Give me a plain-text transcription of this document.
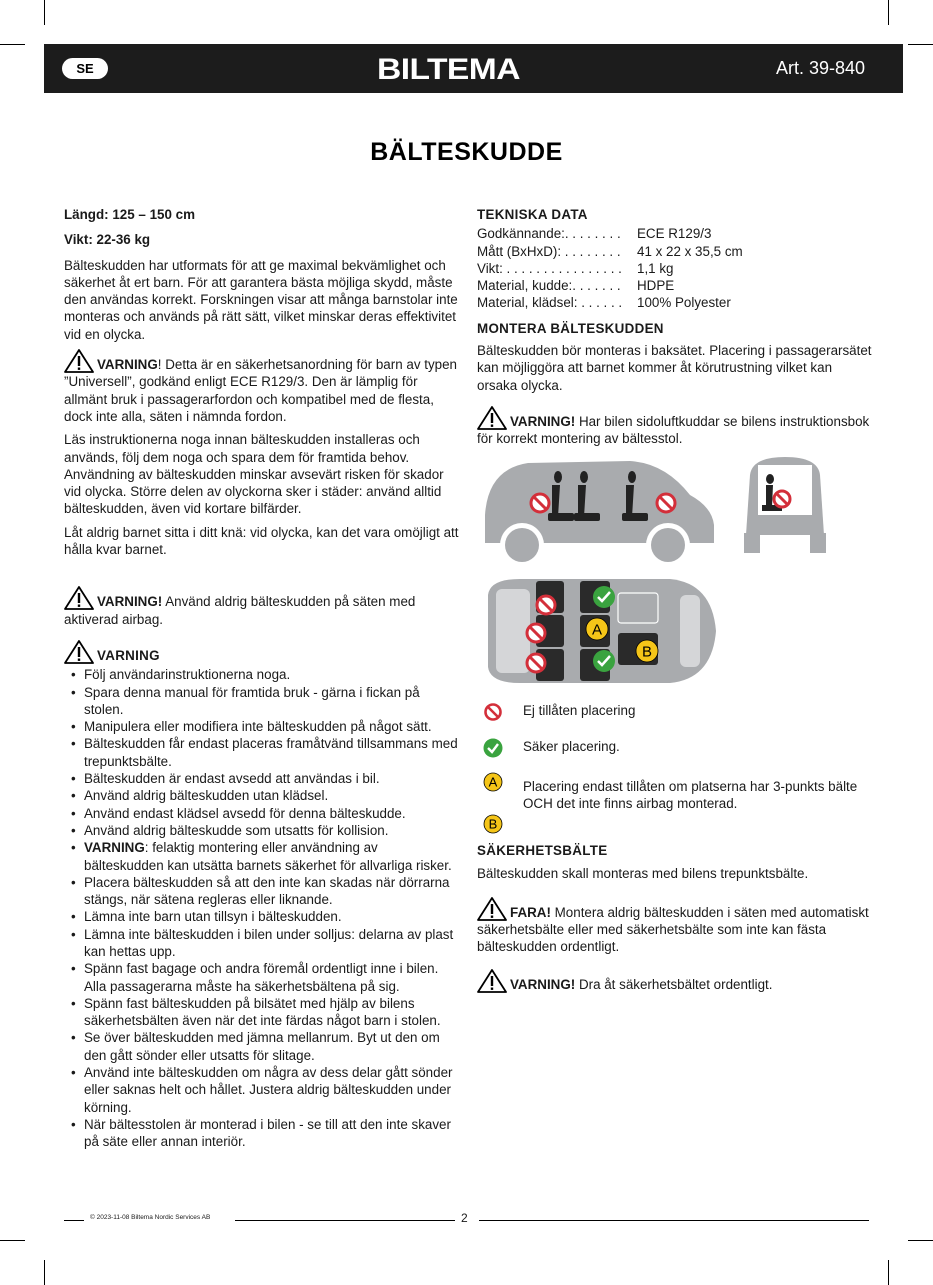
SE	BILTEMA	Art. 39-840
BÄLTESKUDDE

Längd: 125 – 150 cm

Vikt: 22-36 kg

Bälteskudden har utformats för att ge maximal bekvämlighet och säkerhet åt ert barn. För att garantera bästa möjliga skydd, måste den användas korrekt. Forskningen visar att många barnstolar inte monteras och används på rätt sätt, vilket minskar deras effektivitet vid en olycka.

VARNING! Detta är en säkerhetsanordning för barn av typen ”Universell”, godkänd enligt ECE R129/3. Den är lämplig för allmänt bruk i passagerarfordon och kompatibel med de flesta, dock inte alla, säten i nämnda fordon.

Läs instruktionerna noga innan bälteskudden installeras och används, följ dem noga och spara dem för framtida behov. Användning av bälteskudden minskar avsevärt risken för skador vid olycka. Större delen av olyckorna sker i städer: använd alltid bälteskudden, även vid kortare bilfärder.

Låt aldrig barnet sitta i ditt knä: vid olycka, kan det vara omöjligt att hålla kvar barnet.

VARNING! Använd aldrig bälteskudden på säten med aktiverad airbag.

VARNING

• Följ användarinstruktionerna noga.
• Spara denna manual för framtida bruk - gärna i fickan på stolen.
• Manipulera eller modifiera inte bälteskudden på något sätt.
• Bälteskudden får endast placeras framåtvänd tillsammans med trepunktsbälte.
• Bälteskudden är endast avsedd att användas i bil.
• Använd aldrig bälteskudden utan klädsel.
• Använd endast klädsel avsedd för denna bälteskudde.
• Använd aldrig bälteskudde som utsatts för kollision.
• VARNING: felaktig montering eller användning av bälteskudden kan utsätta barnets säkerhet för allvarliga risker.
• Placera bälteskudden så att den inte kan skadas när dörrarna stängs, när sätena regleras eller liknande.
• Lämna inte barn utan tillsyn i bälteskudden.
• Lämna inte bälteskudden i bilen under solljus: delarna av plast kan hettas upp.
• Spänn fast bagage och andra föremål ordentligt inne i bilen. Alla passagerarna måste ha säkerhetsbältena på sig.
• Spänn fast bälteskudden på bilsätet med hjälp av bilens säkerhetsbälten även när det inte färdas något barn i stolen.
• Se över bälteskudden med jämna mellanrum. Byt ut den om den gått sönder eller utsatts för slitage.
• Använd inte bälteskudden om några av dess delar gått sönder eller saknas helt och hållet. Justera aldrig bälteskudden under körning.
• När bältesstolen är monterad i bilen - se till att den inte skaver på säte eller annan interiör.

TEKNISKA DATA

Godkännande:. . . . . . . .	ECE R129/3
Mått (BxHxD): . . . . . . . .	41 x 22 x 35,5 cm
Vikt: . . . . . . . . . . . . . . . .	1,1 kg
Material, kudde:. . . . . . .	HDPE
Material, klädsel: . . . . . .	100% Polyester

MONTERA BÄLTESKUDDEN

Bälteskudden bör monteras i baksätet. Placering i passagerarsätet kan möjliggöra att barnet kommer åt körutrustning vilket kan orsaka olycka.

VARNING! Har bilen sidoluftkuddar se bilens instruktionsbok för korrekt montering av bältesstol.

A
B
Ej tillåten placering
Säker placering.
A Placering endast tillåten om platserna har 3-punkts bälte OCH det inte finns airbag monterad.
B

SÄKERHETSBÄLTE

Bälteskudden skall monteras med bilens trepunktsbälte.

FARA! Montera aldrig bälteskudden i säten med automatiskt säkerhetsbälte eller med säkerhetsbälte som inte kan fästa bälteskudden ordentligt.

VARNING! Dra åt säkerhetsbältet ordentligt.

© 2023-11-08 Biltema Nordic Services AB	2
